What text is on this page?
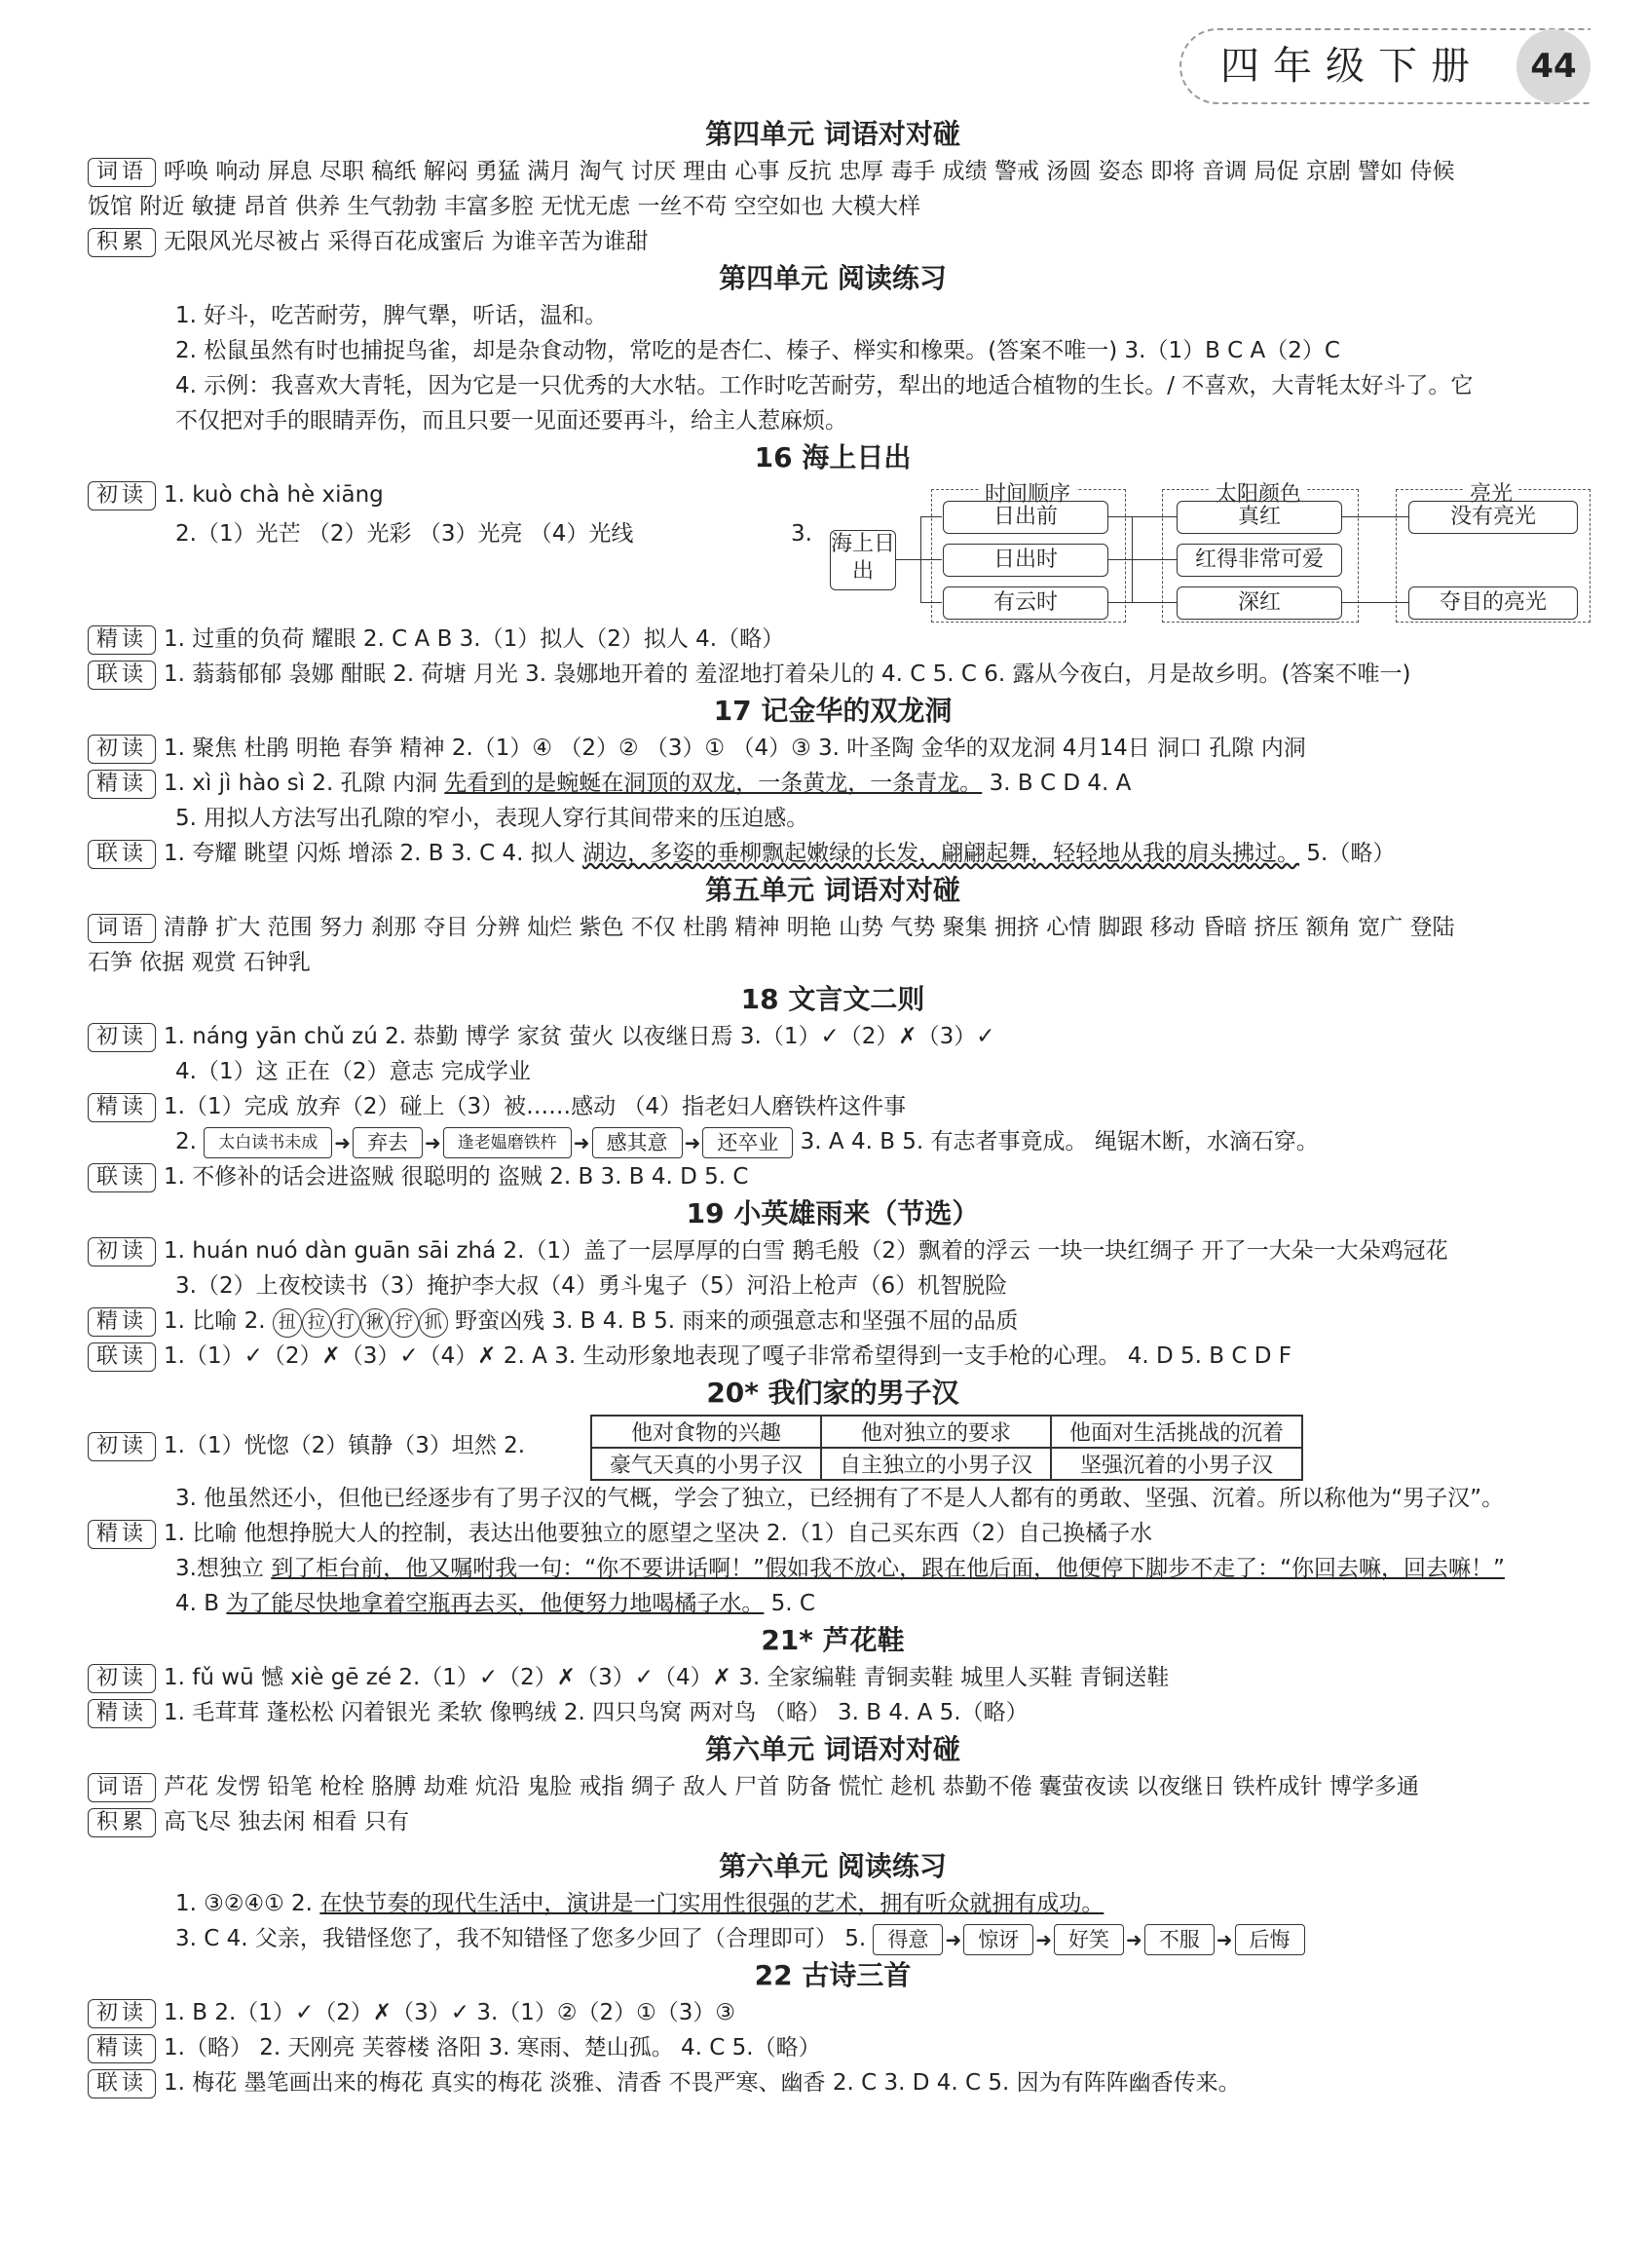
四年级下册	44
第四单元 词语对对碰
词语 呼唤 响动 屏息 尽职 稿纸 解闷 勇猛 满月 淘气 讨厌 理由 心事 反抗 忠厚 毒手 成绩 警戒 汤圆 姿态 即将 音调 局促 京剧 譬如 侍候
饭馆 附近 敏捷 昂首 供养 生气勃勃 丰富多腔 无忧无虑 一丝不苟 空空如也 大模大样
积累 无限风光尽被占 采得百花成蜜后 为谁辛苦为谁甜
第四单元 阅读练习
1. 好斗，吃苦耐劳，脾气犟，听话，温和。
2. 松鼠虽然有时也捕捉鸟雀，却是杂食动物，常吃的是杏仁、榛子、榉实和橡栗。(答案不唯一) 3.（1）B C A（2）C
4. 示例：我喜欢大青牦，因为它是一只优秀的大水牯。工作时吃苦耐劳，犁出的地适合植物的生长。/ 不喜欢，大青牦太好斗了。它
不仅把对手的眼睛弄伤，而且只要一见面还要再斗，给主人惹麻烦。
16 海上日出
初读 1. kuò chà hè xiāng
2.（1）光芒 （2）光彩 （3）光亮 （4）光线	3.
时间顺序	太阳颜色	亮光
海上日出
日出前
日出时
有云时
真红
红得非常可爱
深红
没有亮光
夺目的亮光
精读 1. 过重的负荷 耀眼 2. C A B 3.（1）拟人（2）拟人 4.（略）
联读 1. 蓊蓊郁郁 袅娜 酣眠 2. 荷塘 月光 3. 袅娜地开着的 羞涩地打着朵儿的 4. C 5. C 6. 露从今夜白，月是故乡明。(答案不唯一)
17 记金华的双龙洞
初读 1. 聚焦 杜鹃 明艳 春笋 精神 2.（1）④ （2）② （3）① （4）③ 3. 叶圣陶 金华的双龙洞 4月14日 洞口 孔隙 内洞
精读 1. xì jì hào sì 2. 孔隙 内洞 先看到的是蜿蜒在洞顶的双龙，一条黄龙，一条青龙。 3. B C D 4. A
5. 用拟人方法写出孔隙的窄小，表现人穿行其间带来的压迫感。
联读 1. 夸耀 眺望 闪烁 增添 2. B 3. C 4. 拟人 湖边，多姿的垂柳飘起嫩绿的长发，翩翩起舞，轻轻地从我的肩头拂过。 5.（略）
第五单元 词语对对碰
词语 清静 扩大 范围 努力 刹那 夺目 分辨 灿烂 紫色 不仅 杜鹃 精神 明艳 山势 气势 聚集 拥挤 心情 脚跟 移动 昏暗 挤压 额角 宽广 登陆
石笋 依据 观赏 石钟乳
18 文言文二则
初读 1. náng yān chǔ zú 2. 恭勤 博学 家贫 萤火 以夜继日焉 3.（1）✓（2）✗（3）✓
4.（1）这 正在（2）意志 完成学业
精读 1.（1）完成 放弃（2）碰上（3）被……感动 （4）指老妇人磨铁杵这件事
2.	太白读书未成 ➜ 弃去 ➜	逢老媪磨铁杵 ➜ 感其意 ➜ 还卒业 3. A 4. B 5. 有志者事竟成。 绳锯木断，水滴石穿。
联读 1. 不修补的话会进盗贼 很聪明的 盗贼 2. B 3. B 4. D 5. C
19 小英雄雨来（节选）
初读 1. huán nuó dàn guān sāi zhá 2.（1）盖了一层厚厚的白雪 鹅毛般（2）飘着的浮云 一块一块红绸子 开了一大朵一大朵鸡冠花
3.（2）上夜校读书（3）掩护李大叔（4）勇斗鬼子（5）河沿上枪声（6）机智脱险
精读 1. 比喻 2. 扭 拉 打 揪 拧 抓 野蛮凶残 3. B 4. B 5. 雨来的顽强意志和坚强不屈的品质
联读 1.（1）✓（2）✗（3）✓（4）✗ 2. A 3. 生动形象地表现了嘎子非常希望得到一支手枪的心理。 4. D 5. B C D F
20* 我们家的男子汉
初读 1.（1）恍惚（2）镇静（3）坦然 2.	他对食物的兴趣	他对独立的要求	他面对生活挑战的沉着
豪气天真的小男子汉	自主独立的小男子汉	坚强沉着的小男子汉
3. 他虽然还小，但他已经逐步有了男子汉的气概，学会了独立，已经拥有了不是人人都有的勇敢、坚强、沉着。所以称他为“男子汉”。
精读 1. 比喻 他想挣脱大人的控制，表达出他要独立的愿望之坚决 2.（1）自己买东西（2）自己换橘子水
3.想独立 到了柜台前，他又嘱咐我一句：“你不要讲话啊！”假如我不放心，跟在他后面，他便停下脚步不走了：“你回去嘛，回去嘛！”
4. B 为了能尽快地拿着空瓶再去买，他便努力地喝橘子水。 5. C
21* 芦花鞋
初读 1. fǔ wū 憾 xiè gē zé 2.（1）✓（2）✗（3）✓（4）✗ 3. 全家编鞋 青铜卖鞋 城里人买鞋 青铜送鞋
精读 1. 毛茸茸 蓬松松 闪着银光 柔软 像鸭绒 2. 四只鸟窝 两对鸟 （略） 3. B 4. A 5.（略）
第六单元 词语对对碰
词语 芦花 发愣 铅笔 枪栓 胳膊 劫难 炕沿 鬼脸 戒指 绸子 敌人 尸首 防备 慌忙 趁机 恭勤不倦 囊萤夜读 以夜继日 铁杵成针 博学多通
积累 高飞尽 独去闲 相看 只有
第六单元 阅读练习
1. ③②④① 2. 在快节奏的现代生活中，演讲是一门实用性很强的艺术，拥有听众就拥有成功。
3. C 4. 父亲，我错怪您了，我不知错怪了您多少回了（合理即可） 5. 得意 ➜ 惊讶 ➜ 好笑 ➜ 不服 ➜ 后悔
22 古诗三首
初读 1. B 2.（1）✓（2）✗（3）✓ 3.（1）②（2）①（3）③
精读 1.（略） 2. 天刚亮 芙蓉楼 洛阳 3. 寒雨、楚山孤。 4. C 5.（略）
联读 1. 梅花 墨笔画出来的梅花 真实的梅花 淡雅、清香 不畏严寒、幽香 2. C 3. D 4. C 5. 因为有阵阵幽香传来。
